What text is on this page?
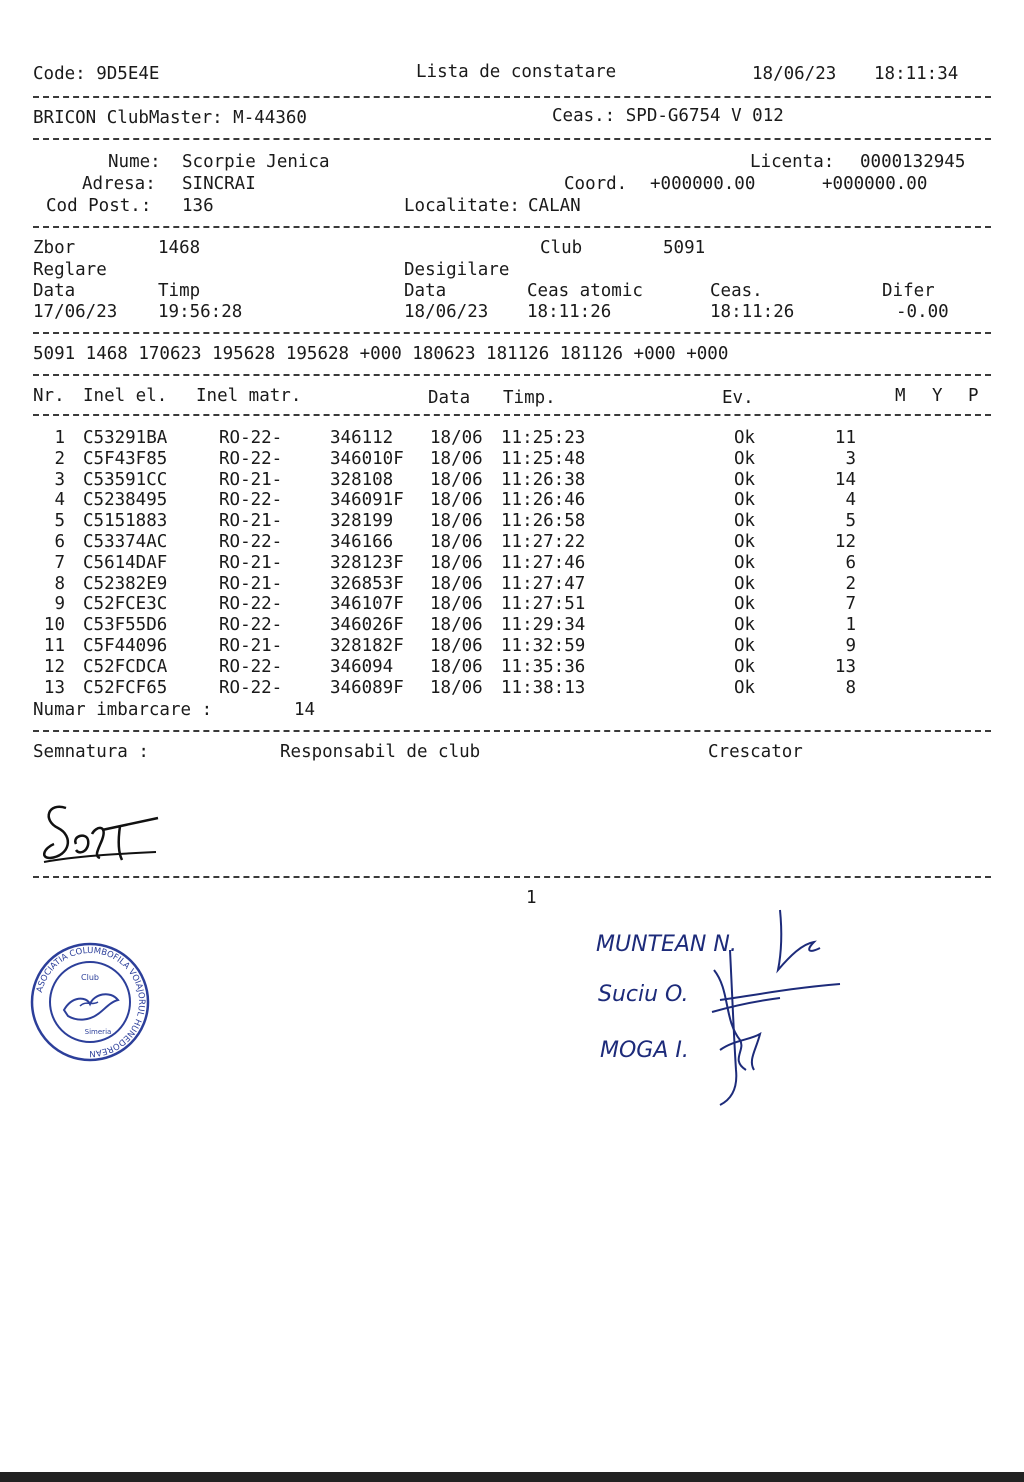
Code: 9D5E4E	Lista de constatare	18/06/23 18:11:34
BRICON ClubMaster: M-44360	Ceas.: SPD-G6754 V 012
Nume: Scorpie Jenica	Licenta: 0000132945
Adresa: SINCRAI	Coord. +000000.00	+000000.00
Cod Post.: 136	Localitate: CALAN
Zbor	1468	Club	5091
Reglare	Desigilare
Data	Timp	Data	Ceas atomic	Ceas.	Difer
17/06/23 19:56:28	18/06/23 18:11:26	18:11:26	-0.00
5091 1468 170623 195628 195628 +000 180623 181126 181126 +000 +000
Nr. Inel el. Inel matr.	Data Timp.	Ev.	M Y P
1 C53291BA	RO-22-	346112 18/06 11:25:23	Ok	11
2 C5F43F85	RO-22-	346010F 18/06 11:25:48	Ok	3
3 C53591CC	RO-21-	328108 18/06 11:26:38	Ok	14
4 C5238495	RO-22-	346091F 18/06 11:26:46	Ok	4
5 C5151883	RO-21-	328199 18/06 11:26:58	Ok	5
6 C53374AC	RO-22-	346166 18/06 11:27:22	Ok	12
7 C5614DAF	RO-21-	328123F 18/06 11:27:46	Ok	6
8 C52382E9	RO-21-	326853F 18/06 11:27:47	Ok	2
9 C52FCE3C	RO-22-	346107F 18/06 11:27:51	Ok	7
10 C53F55D6	RO-22-	346026F 18/06 11:29:34	Ok	1
11 C5F44096	RO-21-	328182F 18/06 11:32:59	Ok	9
12 C52FCDCA	RO-22-	346094 18/06 11:35:36	Ok	13
13 C52FCF65	RO-22-	346089F 18/06 11:38:13	Ok	8
Numar imbarcare :	14
Semnatura :	Responsabil de club	Crescator
1
ASOCIATIA COLUMBOFILA VOIAJORUL HUNEDOREAN
Club
Simeria
MUNTEAN N.
Suciu O.
MOGA I.
